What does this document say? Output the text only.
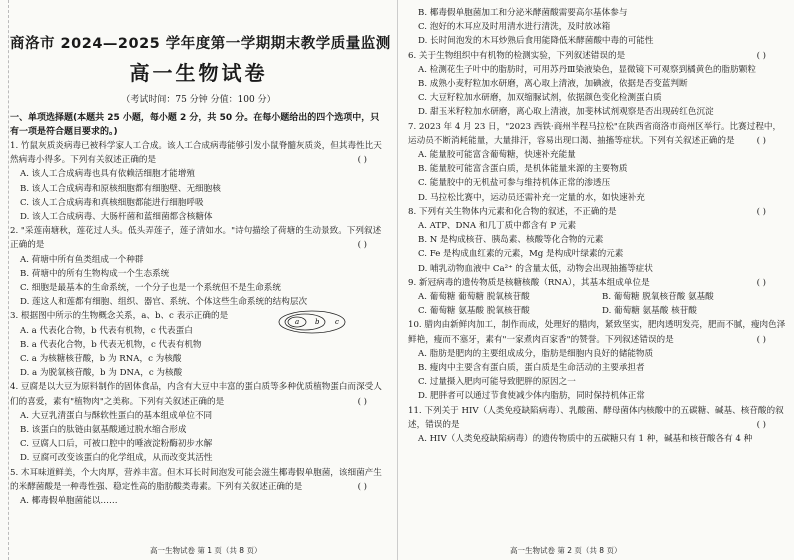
商洛市 2024—2025 学年度第一学期期末教学质量监测
高一生物试卷
（考试时间：75 分钟 分值：100 分）
一、单项选择题(本题共 25 小题，每小题 2 分，共 50 分。在每小题给出的四个选项中，只有一项是符合题目要求的。)
1. 竹鼠灰质炎病毒已被科学家人工合成。该人工合成病毒能够引发小鼠脊髓灰质炎，但其毒性比天然病毒小得多。下列有关叙述正确的是	( )
A. 该人工合成病毒也具有依赖活细胞才能增殖
B. 该人工合成病毒和原核细胞都有细胞壁、无细胞核
C. 该人工合成病毒和真核细胞都能进行细胞呼吸
D. 该人工合成病毒、大肠杆菌和蓝细菌都含核糖体
2. "采莲南塘秋，莲花过人头。低头弄莲子，莲子清如水。"诗句描绘了荷塘的生动景致。下列叙述正确的是	( )
A. 荷塘中所有鱼类组成一个种群
B. 荷塘中的所有生物构成一个生态系统
C. 细胞是最基本的生命系统，一个分子也是一个系统但不是生命系统
D. 莲这人和莲都有细胞、组织、器官、系统、个体这些生命系统的结构层次
a b c
3. 根据图中所示的生物概念关系，a、b、c 表示正确的是
A. a 代表化合物，b 代表有机物，c 代表蛋白
B. a 代表化合物，b 代表无机物，c 代表有机物
C. a 为核糖核苷酸，b 为 RNA，c 为核酸
D. a 为脱氧核苷酸，b 为 DNA，c 为核酸
4. 豆腐是以大豆为原料制作的固体食品，内含有大豆中丰富的蛋白质等多种优质植物蛋白而深受人们的喜爱，素有"植物肉"之美称。下列有关叙述正确的是	( )
A. 大豆乳清蛋白与酥软性蛋白的基本组成单位不同
B. 该蛋白的肽链由氨基酸通过脱水缩合形成
C. 豆腐人口后，可被口腔中的唾液淀粉酶初步水解
D. 豆腐可改变该蛋白的化学组成，从而改变其活性
5. 木耳味道鲜美，个大肉厚，营养丰富。但木耳长时间泡发可能会滋生椰毒假单胞菌，该细菌产生的米酵菌酸是一种毒性强、稳定性高的脂肪酸类毒素。下列有关叙述正确的是	( )
A. 椰毒假单胞菌能以……
B. 椰毒假单胞菌加工和分泌米酵菌酸需要高尔基体参与
C. 泡好的木耳应及时用清水进行清洗，及时放冰箱
D. 长时间泡发的木耳炒熟后食用能降低米酵菌酸中毒的可能性
6. 关于生物组织中有机物的检测实验，下列叙述错误的是	( )
A. 检测花生子叶中的脂肪时，可用苏丹Ⅲ染液染色，显微镜下可观察到橘黄色的脂肪颗粒
B. 成熟小麦籽粒加水研磨，离心取上清液，加碘液，依据是否变蓝判断
C. 大豆籽粒加水研磨，加双缩脲试剂，依据颜色变化检测蛋白质
D. 甜玉米籽粒加水研磨，离心取上清液，加斐林试剂观察是否出现砖红色沉淀
7. 2023 年 4 月 23 日，"2023 西铁·商州半程马拉松"在陕西省商洛市商州区举行。比赛过程中，运动员不断消耗能量，大量排汗，容易出现口渴、抽搐等症状。下列有关叙述正确的是	( )
A. 能量胶可能富含葡萄糖，快速补充能量
B. 能量胶可能富含蛋白质，是机体能量来源的主要物质
C. 能量胶中的无机盐可参与维持机体正常的渗透压
D. 马拉松比赛中，运动员还需补充一定量的水，如快速补充
8. 下列有关生物体内元素和化合物的叙述，不正确的是	( )
A. ATP、DNA 和几丁质中都含有 P 元素
B. N 是构成核苷、胰岛素、核酸等化合物的元素
C. Fe 是构成血红素的元素，Mg 是构成叶绿素的元素
D. 哺乳动物血液中 Ca²⁺ 的含量太低，动物会出现抽搐等症状
9. 新冠病毒的遗传物质是核糖核酸（RNA），其基本组成单位是	( )
A. 葡萄糖 葡萄糖 脱氧核苷酸	B. 葡萄糖 脱氧核苷酸 氨基酸
C. 葡萄糖 氨基酸 脱氧核苷酸	D. 葡萄糖 氨基酸 核苷酸
10. 腊肉由新鲜肉加工，制作而成，处理好的腊肉，紧致坚实，肥肉透明发亮，肥而不腻，瘦肉色泽鲜艳，瘦而不塞牙，素有"一家煮肉百家香"的赞誉。下列叙述错误的是	( )
A. 脂肪是肥肉的主要组成成分，脂肪是细胞内良好的储能物质
B. 瘦肉中主要含有蛋白质，蛋白质是生命活动的主要承担者
C. 过量摄入肥肉可能导致肥胖的原因之一
D. 肥胖者可以通过节食使减少体内脂肪，同时保持机体正常
11. 下列关于 HIV（人类免疫缺陷病毒）、乳酸菌、酵母菌体内核酸中的五碳糖、碱基、核苷酸的叙述，错误的是	( )
A. HIV（人类免疫缺陷病毒）的遗传物质中的五碳糖只有 1 种，碱基和核苷酸各有 4 种
高一生物试卷 第 1 页（共 8 页）	高一生物试卷 第 2 页（共 8 页）
